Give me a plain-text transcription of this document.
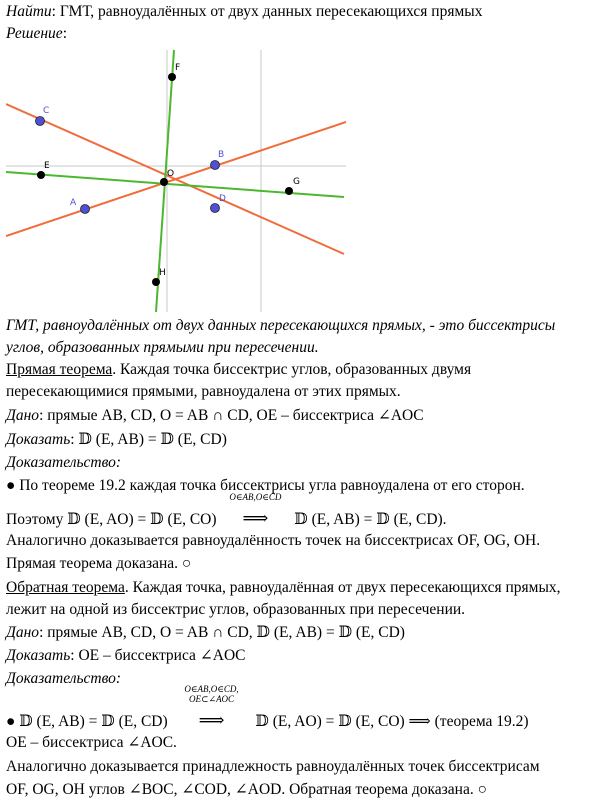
Найти: ГМТ, равноудалённых от двух данных пересекающихся прямых
Решение:
C
E
F
O
A
B
D
G
H
ГМТ, равноудалённых от двух данных пересекающихся прямых, - это биссектрисы
углов, образованных прямыми при пересечении.
Прямая теорема. Каждая точка биссектрис углов, образованных двумя
пересекающимися прямыми, равноудалена от этих прямых.
Дано: прямые AB, CD, O = AB ∩ CD, OE – биссектриса ∠AOC
Доказать: 𝔻 (E, AB) = 𝔻 (E, CD)
Доказательство:
● По теореме 19.2 каждая точка биссектрисы угла равноудалена от его сторон.
Поэтому 𝔻 (E, AO) = 𝔻 (E, CO)
O∈AB,O∈CD
⟹ 𝔻 (E, AB) = 𝔻 (E, CD).
Аналогично доказывается равноудалённость точек на биссектрисах OF, OG, OH.
Прямая теорема доказана. ○
Обратная теорема. Каждая точка, равноудалённая от двух пересекающихся прямых,
лежит на одной из биссектрис углов, образованных при пересечении.
Дано: прямые AB, CD, O = AB ∩ CD, 𝔻 (E, AB) = 𝔻 (E, CD)
Доказать: OE – биссектриса ∠AOC
Доказательство:
● 𝔻 (E, AB) = 𝔻 (E, CD)
O∈AB,O∈CD,
OE⊂∠AOC
⟹ 𝔻 (E, AO) = 𝔻 (E, CO) ⟹ (теорема 19.2)
OE – биссектриса ∠AOC.
Аналогично доказывается принадлежность равноудалённых точек биссектрисам
OF, OG, OH углов ∠BOC, ∠COD, ∠AOD. Обратная теорема доказана. ○
